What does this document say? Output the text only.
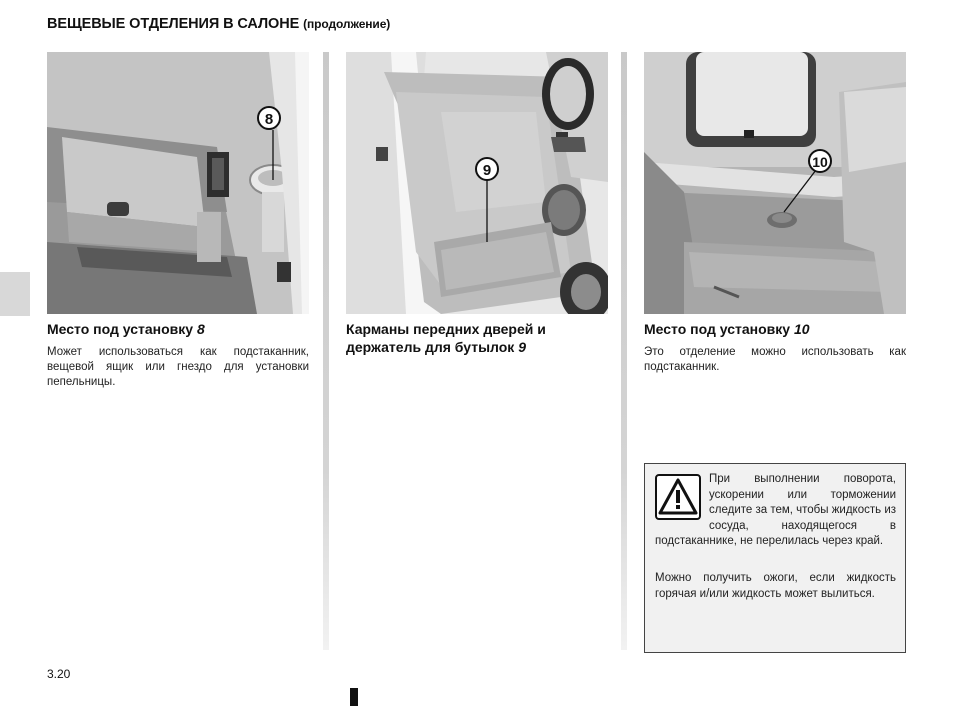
ВЕЩЕВЫЕ ОТДЕЛЕНИЯ В САЛОНЕ (продолжение)
8
9	10
Место под установку 8
Может использоваться как подстаканник, вещевой ящик или гнездо для установки пепельницы.
Карманы передних дверей и держатель для бутылок 9
Место под установку 10
Это отделение можно использовать как подстаканник.
При выполнении поворота, ускорении или торможении следите за тем, чтобы жидкость из сосуда, находящегося в подстаканнике, не перелилась через край.
Можно получить ожоги, если жидкость горячая и/или жидкость может вылиться.
3.20
